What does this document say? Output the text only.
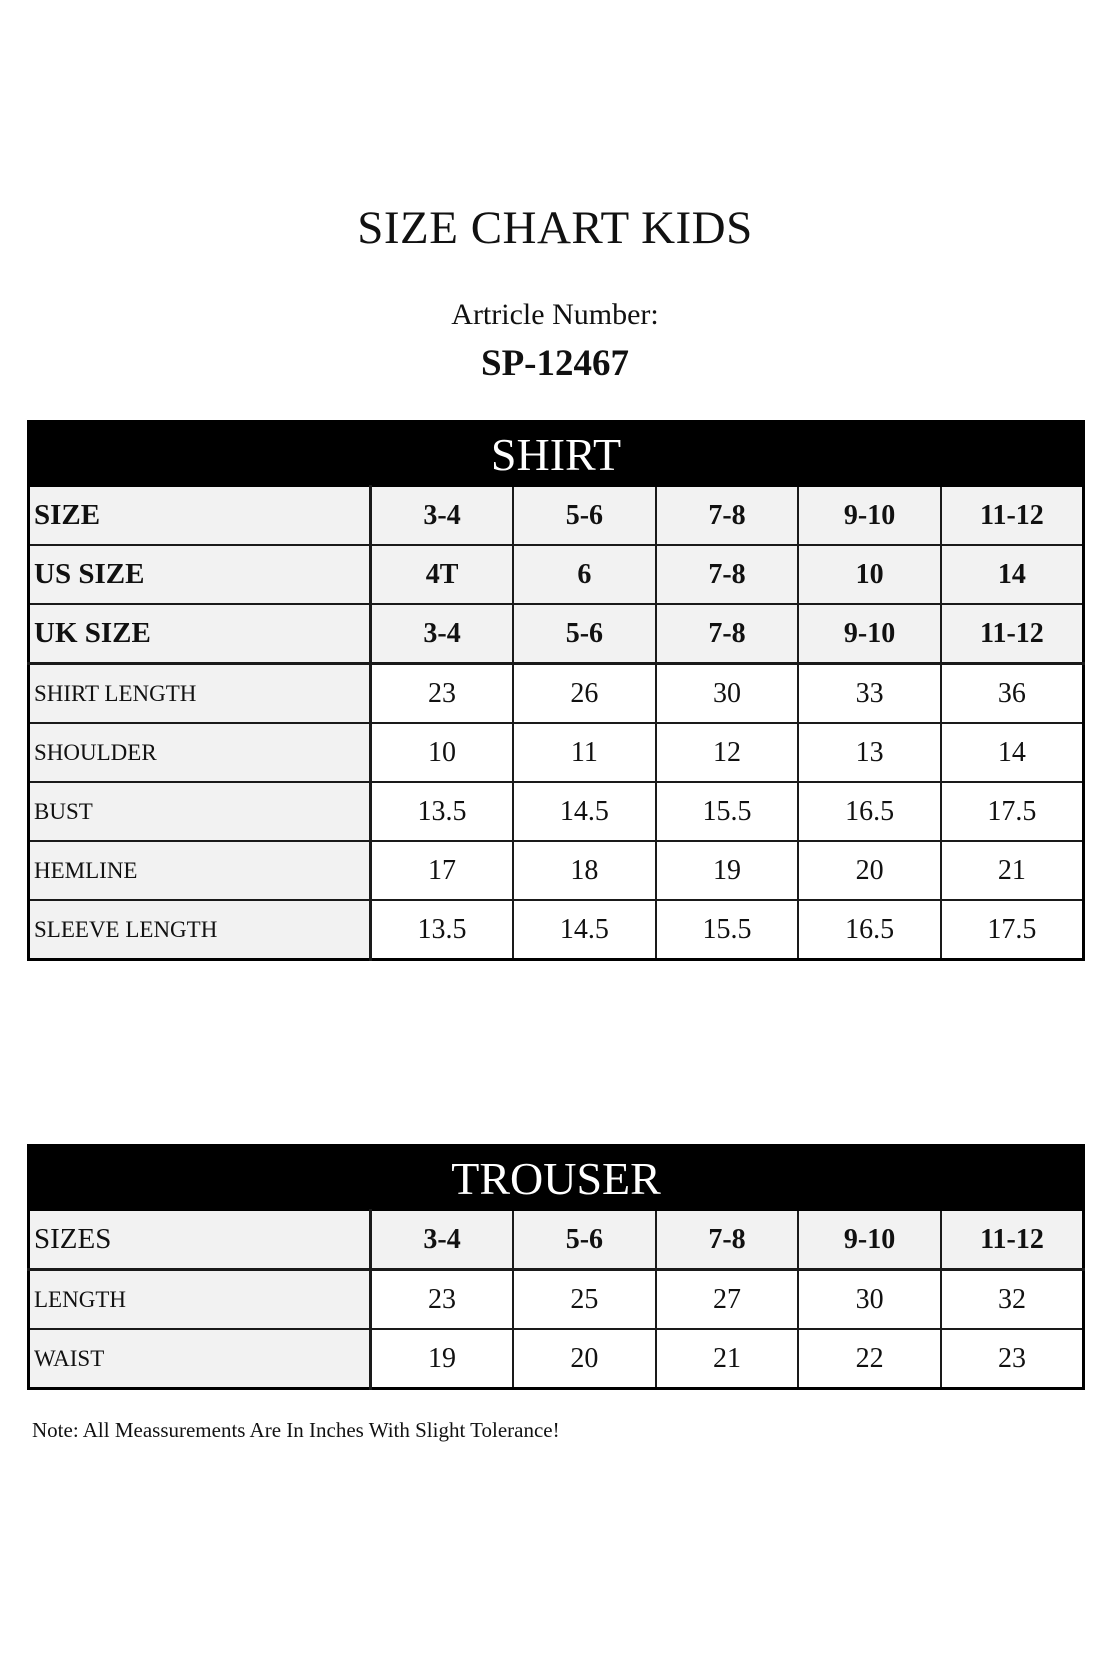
SIZE CHART KIDS
Artricle Number:
SP-12467
SHIRT					
SIZE	3-4	5-6	7-8	9-10	11-12
US SIZE	4T	6	7-8	10	14
UK SIZE	3-4	5-6	7-8	9-10	11-12
SHIRT LENGTH	23	26	30	33	36
SHOULDER	10	11	12	13	14
BUST	13.5	14.5	15.5	16.5	17.5
HEMLINE	17	18	19	20	21
SLEEVE LENGTH	13.5	14.5	15.5	16.5	17.5
TROUSER					
SIZES	3-4	5-6	7-8	9-10	11-12
LENGTH	23	25	27	30	32
WAIST	19	20	21	22	23
Note: All Meassurements Are In Inches With Slight Tolerance!
